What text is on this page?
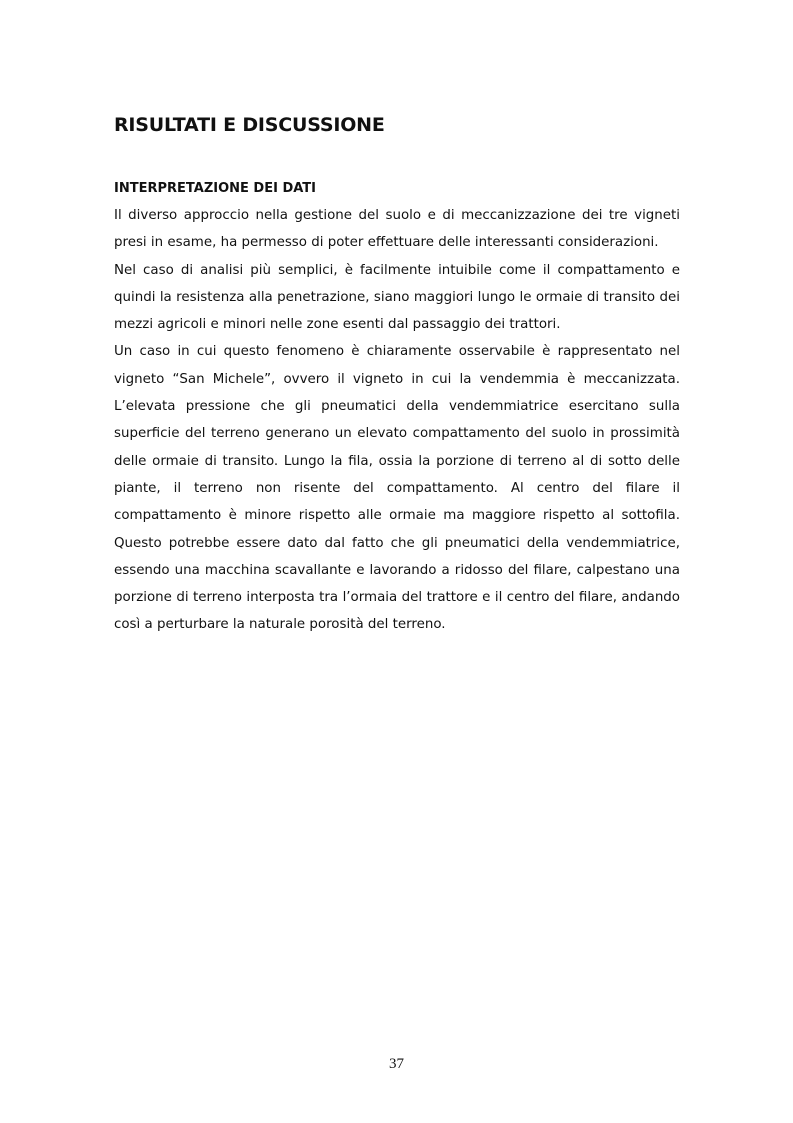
RISULTATI E DISCUSSIONE
INTERPRETAZIONE DEI DATI

Il diverso approccio nella gestione del suolo e di meccanizzazione dei tre vigneti presi in esame, ha permesso di poter effettuare delle interessanti considerazioni.

Nel caso di analisi più semplici, è facilmente intuibile come il compattamento e quindi la resistenza alla penetrazione, siano maggiori lungo le ormaie di transito dei mezzi agricoli e minori nelle zone esenti dal passaggio dei trattori.

Un caso in cui questo fenomeno è chiaramente osservabile è rappresentato nel vigneto “San Michele”, ovvero il vigneto in cui la vendemmia è meccanizzata. L’elevata pressione che gli pneumatici della vendemmiatrice esercitano sulla superficie del terreno generano un elevato compattamento del suolo in prossimità delle ormaie di transito. Lungo la fila, ossia la porzione di terreno al di sotto delle piante, il terreno non risente del compattamento. Al centro del filare il compattamento è minore rispetto alle ormaie ma maggiore rispetto al sottofila. Questo potrebbe essere dato dal fatto che gli pneumatici della vendemmiatrice, essendo una macchina scavallante e lavorando a ridosso del filare, calpestano una porzione di terreno interposta tra l’ormaia del trattore e il centro del filare, andando così a perturbare la naturale porosità del terreno.

37
